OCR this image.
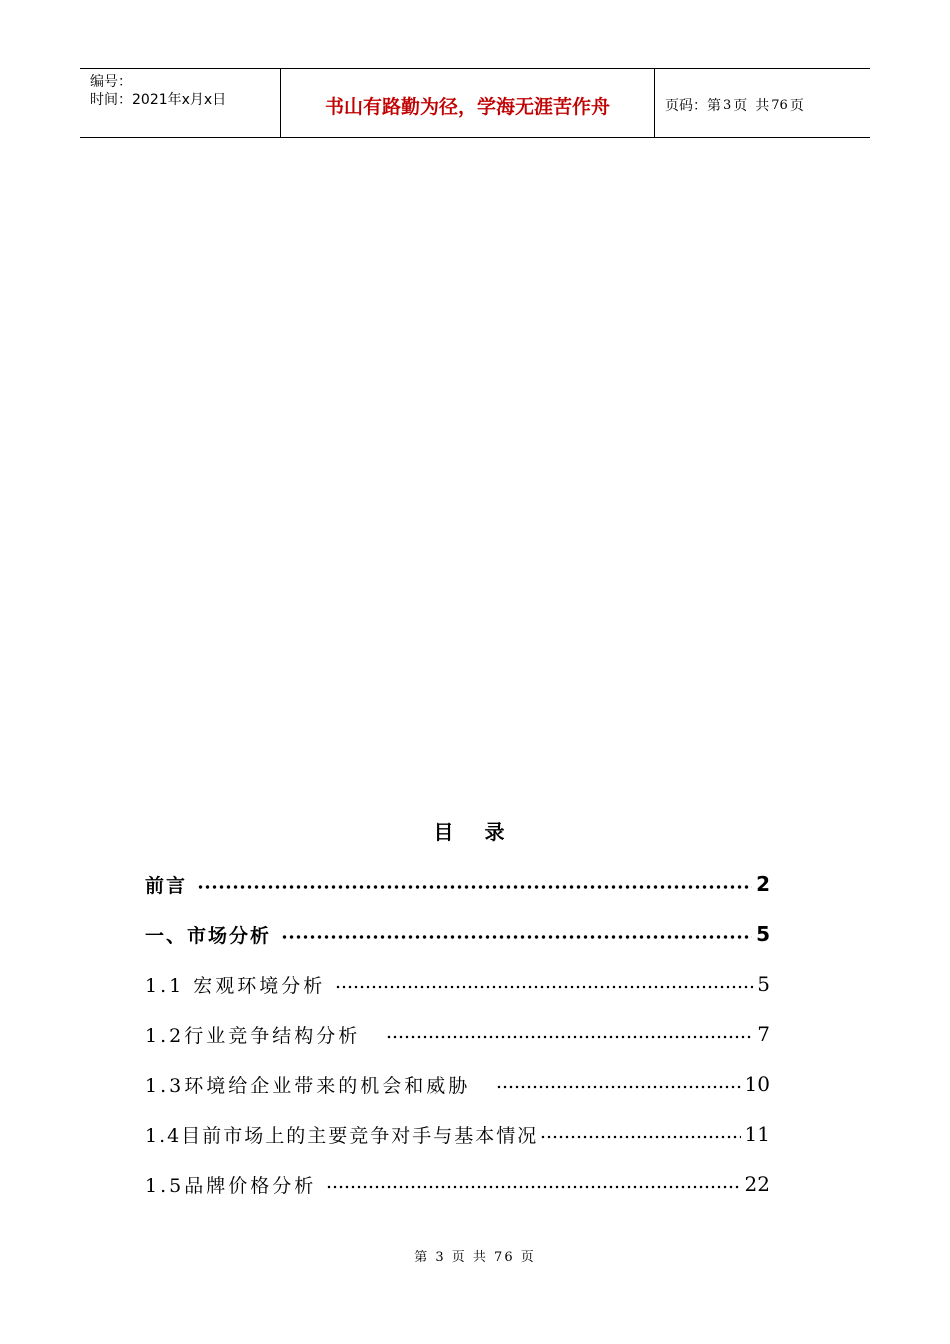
编号：
时间：2021年x月x日	书山有路勤为径，学海无涯苦作舟	页码：第 3 页 共 76 页
目 录
前言	2
一、市场分析	5
1.1 宏观环境分析	5
1.2行业竞争结构分析	7
1.3环境给企业带来的机会和威胁	10
1.4目前市场上的主要竞争对手与基本情况	11
1.5品牌价格分析	22
第 3 页 共 76 页
